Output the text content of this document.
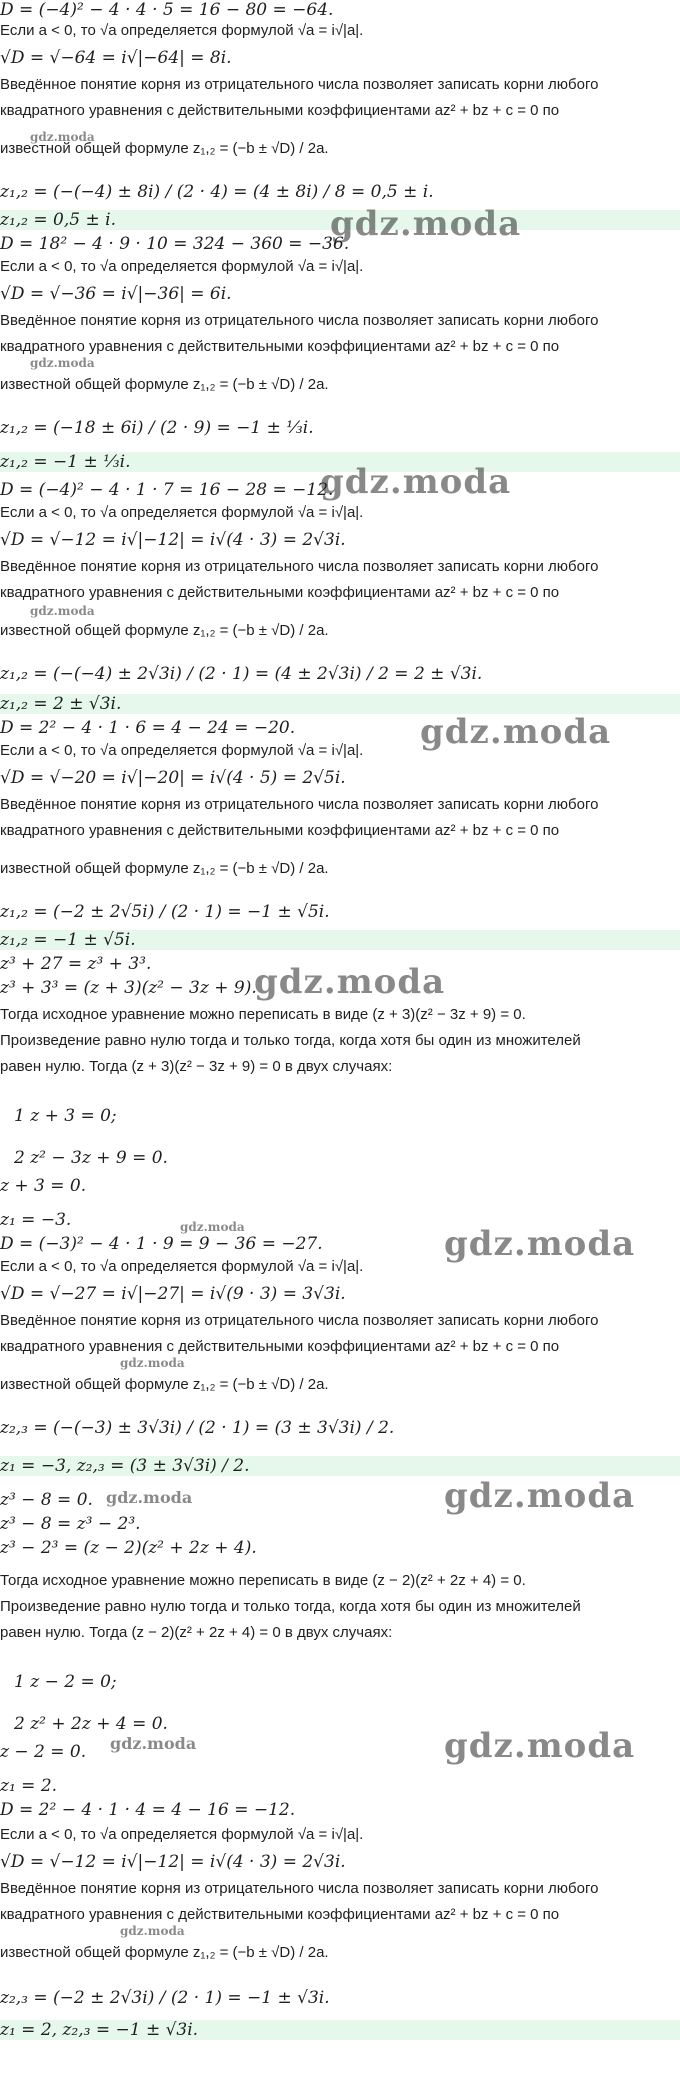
D = (−4)² − 4 · 4 · 5 = 16 − 80 = −64.
Если a < 0, то √a определяется формулой √a = i√|a|.
√D = √−64 = i√|−64| = 8i.
Введённое понятие корня из отрицательного числа позволяет записать корни любого
квадратного уравнения с действительными коэффициентами az² + bz + c = 0 по
известной общей формуле z₁,₂ = (−b ± √D) / 2a.
z₁,₂ = (−(−4) ± 8i) / (2 · 4) = (4 ± 8i) / 8 = 0,5 ± i.
z₁,₂ = 0,5 ± i.
D = 18² − 4 · 9 · 10 = 324 − 360 = −36.
Если a < 0, то √a определяется формулой √a = i√|a|.
√D = √−36 = i√|−36| = 6i.
Введённое понятие корня из отрицательного числа позволяет записать корни любого
квадратного уравнения с действительными коэффициентами az² + bz + c = 0 по
известной общей формуле z₁,₂ = (−b ± √D) / 2a.
z₁,₂ = (−18 ± 6i) / (2 · 9) = −1 ± ⅓i.
z₁,₂ = −1 ± ⅓i.
D = (−4)² − 4 · 1 · 7 = 16 − 28 = −12.
Если a < 0, то √a определяется формулой √a = i√|a|.
√D = √−12 = i√|−12| = i√(4 · 3) = 2√3i.
Введённое понятие корня из отрицательного числа позволяет записать корни любого
квадратного уравнения с действительными коэффициентами az² + bz + c = 0 по
известной общей формуле z₁,₂ = (−b ± √D) / 2a.
z₁,₂ = (−(−4) ± 2√3i) / (2 · 1) = (4 ± 2√3i) / 2 = 2 ± √3i.
z₁,₂ = 2 ± √3i.
D = 2² − 4 · 1 · 6 = 4 − 24 = −20.
Если a < 0, то √a определяется формулой √a = i√|a|.
√D = √−20 = i√|−20| = i√(4 · 5) = 2√5i.
Введённое понятие корня из отрицательного числа позволяет записать корни любого
квадратного уравнения с действительными коэффициентами az² + bz + c = 0 по
известной общей формуле z₁,₂ = (−b ± √D) / 2a.
z₁,₂ = (−2 ± 2√5i) / (2 · 1) = −1 ± √5i.
z₁,₂ = −1 ± √5i.
z³ + 27 = z³ + 3³.
z³ + 3³ = (z + 3)(z² − 3z + 9).
Тогда исходное уравнение можно переписать в виде (z + 3)(z² − 3z + 9) = 0.
Произведение равно нулю тогда и только тогда, когда хотя бы один из множителей
равен нулю. Тогда (z + 3)(z² − 3z + 9) = 0 в двух случаях:
1 z + 3 = 0;
2 z² − 3z + 9 = 0.
z + 3 = 0.
z₁ = −3.
D = (−3)² − 4 · 1 · 9 = 9 − 36 = −27.
Если a < 0, то √a определяется формулой √a = i√|a|.
√D = √−27 = i√|−27| = i√(9 · 3) = 3√3i.
Введённое понятие корня из отрицательного числа позволяет записать корни любого
квадратного уравнения с действительными коэффициентами az² + bz + c = 0 по
известной общей формуле z₁,₂ = (−b ± √D) / 2a.
z₂,₃ = (−(−3) ± 3√3i) / (2 · 1) = (3 ± 3√3i) / 2.
z₁ = −3, z₂,₃ = (3 ± 3√3i) / 2.
z³ − 8 = 0.
z³ − 8 = z³ − 2³.
z³ − 2³ = (z − 2)(z² + 2z + 4).
Тогда исходное уравнение можно переписать в виде (z − 2)(z² + 2z + 4) = 0.
Произведение равно нулю тогда и только тогда, когда хотя бы один из множителей
равен нулю. Тогда (z − 2)(z² + 2z + 4) = 0 в двух случаях:
1 z − 2 = 0;
2 z² + 2z + 4 = 0.
z − 2 = 0.
z₁ = 2.
D = 2² − 4 · 1 · 4 = 4 − 16 = −12.
Если a < 0, то √a определяется формулой √a = i√|a|.
√D = √−12 = i√|−12| = i√(4 · 3) = 2√3i.
Введённое понятие корня из отрицательного числа позволяет записать корни любого
квадратного уравнения с действительными коэффициентами az² + bz + c = 0 по
известной общей формуле z₁,₂ = (−b ± √D) / 2a.
z₂,₃ = (−2 ± 2√3i) / (2 · 1) = −1 ± √3i.
z₁ = 2, z₂,₃ = −1 ± √3i.
gdz.moda
gdz.moda
gdz.moda
gdz.moda
gdz.moda
gdz.moda
gdz.moda
gdz.moda	gdz.moda
gdz.moda
gdz.moda	gdz.moda
gdz.moda	gdz.moda
gdz.moda
